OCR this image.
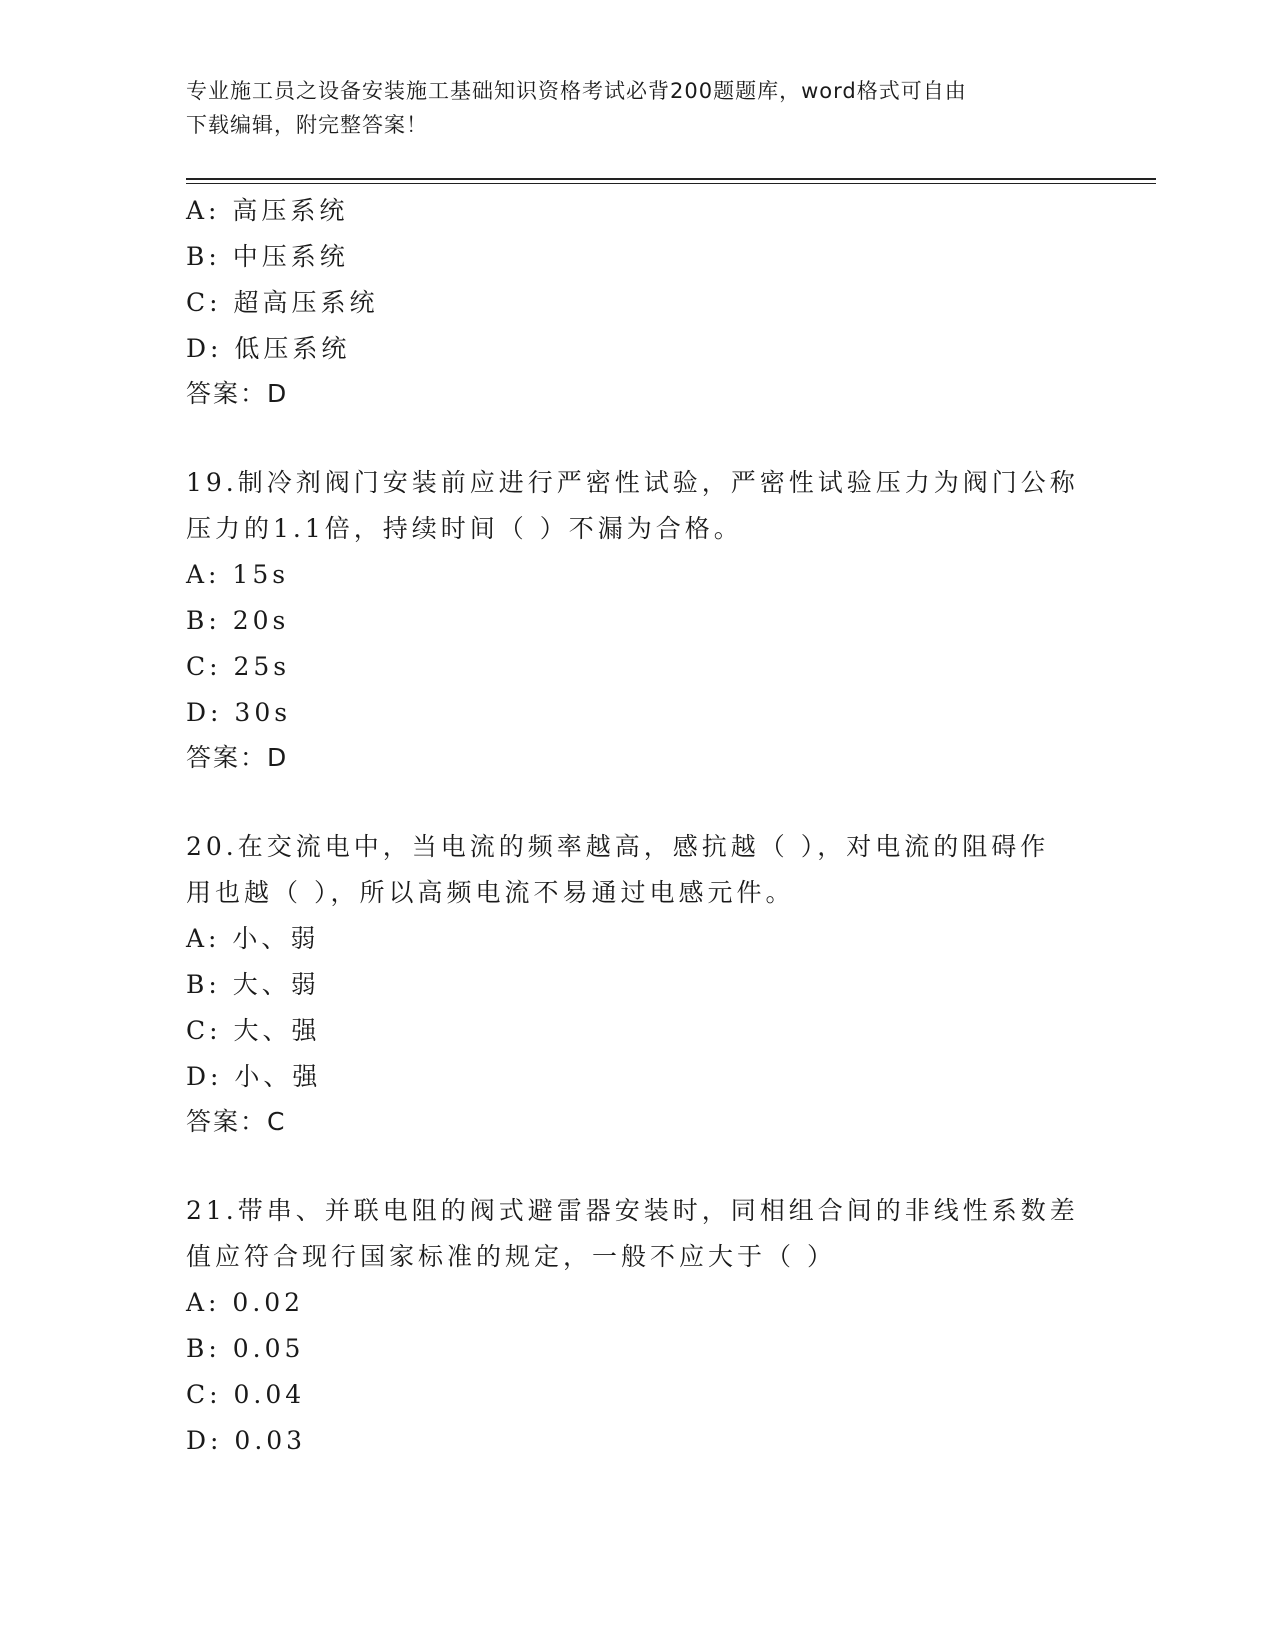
专业施工员之设备安装施工基础知识资格考试必背200题题库，word格式可自由
下载编辑，附完整答案！
A: 高压系统
B: 中压系统
C: 超高压系统
D: 低压系统
答案：D
19.制冷剂阀门安装前应进行严密性试验，严密性试验压力为阀门公称
压力的1.1倍，持续时间（ ）不漏为合格。
A: 15s
B: 20s
C: 25s
D: 30s
答案：D
20.在交流电中，当电流的频率越高，感抗越（ ），对电流的阻碍作
用也越（ ），所以高频电流不易通过电感元件。
A: 小、弱
B: 大、弱
C: 大、强
D: 小、强
答案：C
21.带串、并联电阻的阀式避雷器安装时，同相组合间的非线性系数差
值应符合现行国家标准的规定，一般不应大于（ ）
A: 0.02
B: 0.05
C: 0.04
D: 0.03
